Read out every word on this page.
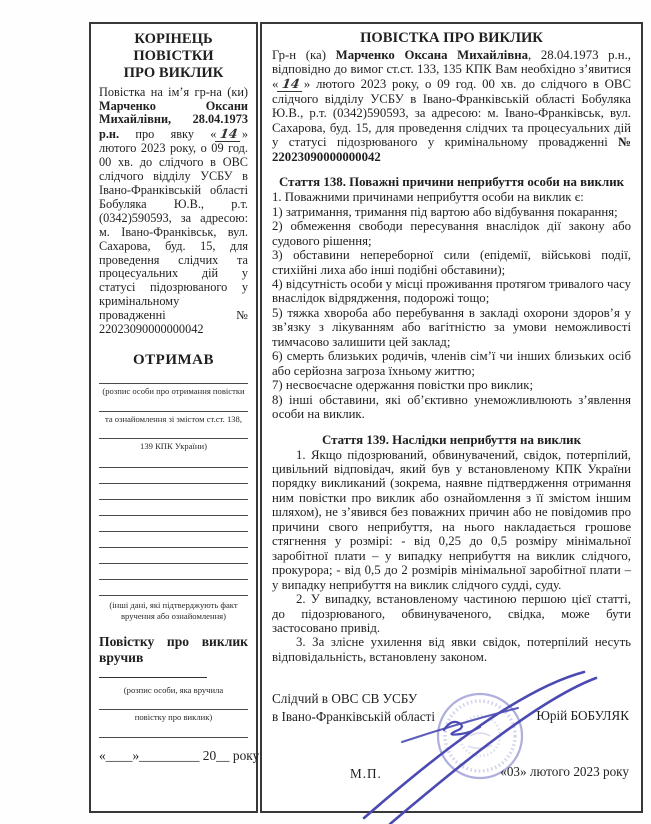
КОРІНЕЦЬ ПОВІСТКИ
ПРО ВИКЛИК
Повістка на ім’я гр-на (ки) Марченко Оксани Михайлівни, 28.04.1973 р.н. про явку « 14 » лютого 2023 року, о 09 год. 00 хв. до слідчого в ОВС слідчого відділу УСБУ в Івано-Франківській області Бобуляка Ю.В., р.т. (0342)590593, за адресою: м. Івано-Франківськ, вул. Сахарова, буд. 15, для проведення слідчих та процесуальних дій у статусі підозрюваного у кримінальному провадженні № 22023090000000042
ОТРИМАВ
(розпис особи про отримання повістки
та ознайомлення зі змістом ст.ст. 138,
139 КПК України)
(інші дані, які підтверджують факт
вручення або ознайомлення)
Повістку про виклик вручив
(розпис особи, яка вручила
повістку про виклик)
«____»_________ 20__ року
ПОВІСТКА ПРО ВИКЛИК
Гр-н (ка) Марченко Оксана Михайлівна, 28.04.1973 р.н., відповідно до вимог ст.ст. 133, 135 КПК Вам необхідно з’явитися « 14 » лютого 2023 року, о 09 год. 00 хв. до слідчого в ОВС слідчого відділу УСБУ в Івано-Франківській області Бобуляка Ю.В., р.т. (0342)590593, за адресою: м. Івано-Франківськ, вул. Сахарова, буд. 15, для проведення слідчих та процесуальних дій у статусі підозрюваного у кримінальному провадженні № 22023090000000042
Стаття 138. Поважні причини неприбуття особи на виклик
1. Поважними причинами неприбуття особи на виклик є:
1) затримання, тримання під вартою або відбування покарання;
2) обмеження свободи пересування внаслідок дії закону або судового рішення;
3) обставини непереборної сили (епідемії, військові події, стихійні лиха або інші подібні обставини);
4) відсутність особи у місці проживання протягом тривалого часу внаслідок відрядження, подорожі тощо;
5) тяжка хвороба або перебування в закладі охорони здоров’я у зв’язку з лікуванням або вагітністю за умови неможливості тимчасово залишити цей заклад;
6) смерть близьких родичів, членів сім’ї чи інших близьких осіб або серйозна загроза їхньому життю;
7) несвоєчасне одержання повістки про виклик;
8) інші обставини, які об’єктивно унеможливлюють з’явлення особи на виклик.
Стаття 139. Наслідки неприбуття на виклик
1. Якщо підозрюваний, обвинувачений, свідок, потерпілий, цивільний відповідач, який був у встановленому КПК України порядку викликаний (зокрема, наявне підтвердження отримання ним повістки про виклик або ознайомлення з її змістом іншим шляхом), не з’явився без поважних причин або не повідомив про причини свого неприбуття, на нього накладається грошове стягнення у розмірі: - від 0,25 до 0,5 розміру мінімальної заробітної плати – у випадку неприбуття на виклик слідчого, прокурора; - від 0,5 до 2 розмірів мінімальної заробітної плати – у випадку неприбуття на виклик слідчого судді, суду.
2. У випадку, встановленому частиною першою цієї статті, до підозрюваного, обвинуваченого, свідка, може бути застосовано привід.
3. За злісне ухилення від явки свідок, потерпілий несуть відповідальність, встановлену законом.
Слідчий в ОВС СВ УСБУ
в Івано-Франківській області	Юрій БОБУЛЯК
М.П.	«03» лютого 2023 року
